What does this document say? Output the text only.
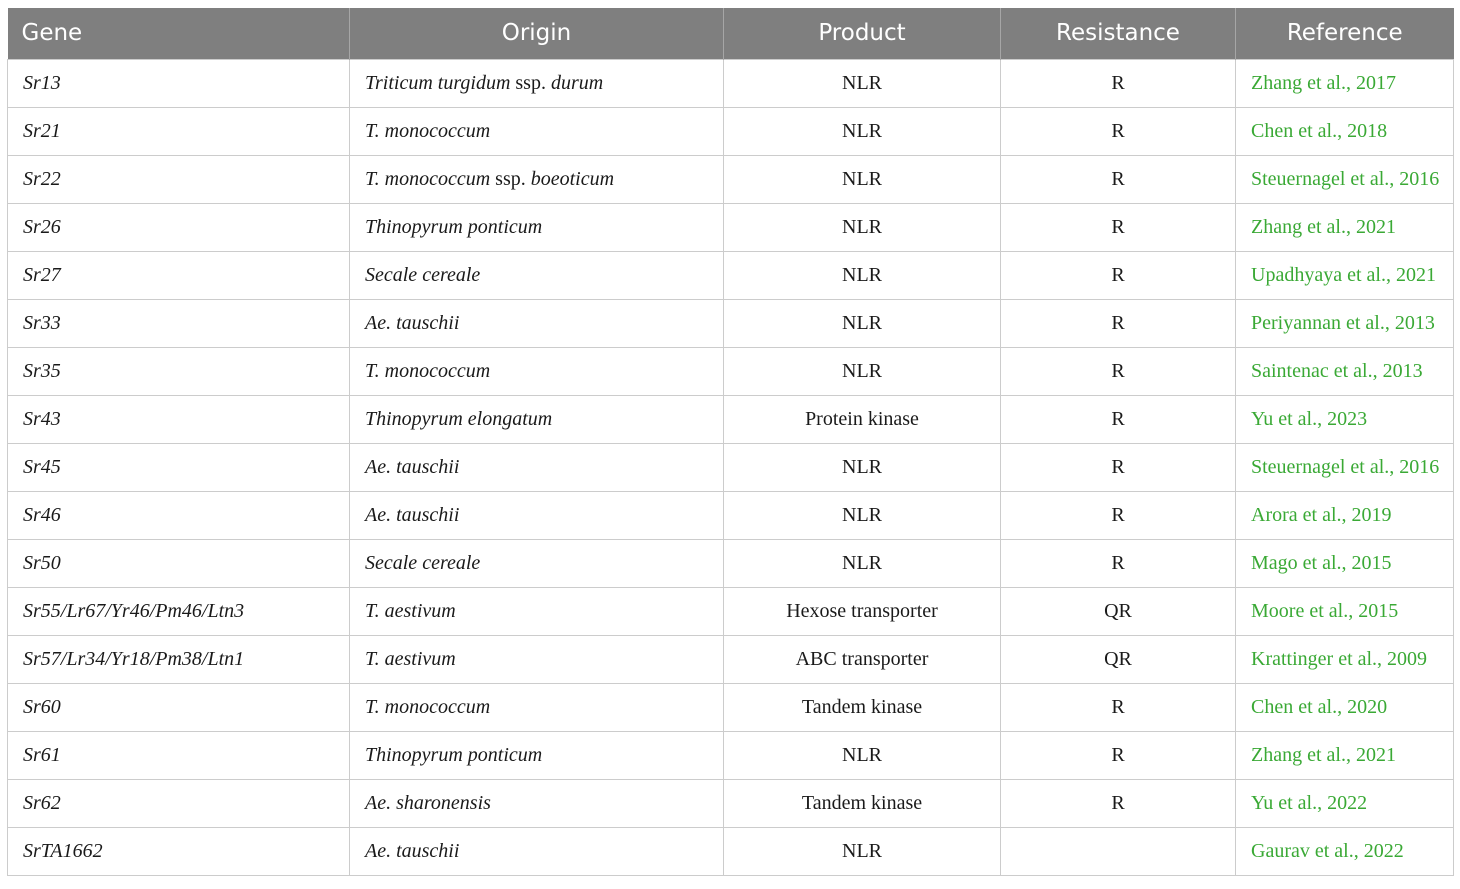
Gene	Origin	Product	Resistance	Reference
Sr13	Triticum turgidum ssp. durum	NLR	R	Zhang et al., 2017
Sr21	T. monococcum	NLR	R	Chen et al., 2018
Sr22	T. monococcum ssp. boeoticum	NLR	R	Steuernagel et al., 2016
Sr26	Thinopyrum ponticum	NLR	R	Zhang et al., 2021
Sr27	Secale cereale	NLR	R	Upadhyaya et al., 2021
Sr33	Ae. tauschii	NLR	R	Periyannan et al., 2013
Sr35	T. monococcum	NLR	R	Saintenac et al., 2013
Sr43	Thinopyrum elongatum	Protein kinase	R	Yu et al., 2023
Sr45	Ae. tauschii	NLR	R	Steuernagel et al., 2016
Sr46	Ae. tauschii	NLR	R	Arora et al., 2019
Sr50	Secale cereale	NLR	R	Mago et al., 2015
Sr55/Lr67/Yr46/Pm46/Ltn3	T. aestivum	Hexose transporter	QR	Moore et al., 2015
Sr57/Lr34/Yr18/Pm38/Ltn1	T. aestivum	ABC transporter	QR	Krattinger et al., 2009
Sr60	T. monococcum	Tandem kinase	R	Chen et al., 2020
Sr61	Thinopyrum ponticum	NLR	R	Zhang et al., 2021
Sr62	Ae. sharonensis	Tandem kinase	R	Yu et al., 2022
SrTA1662	Ae. tauschii	NLR		Gaurav et al., 2022
